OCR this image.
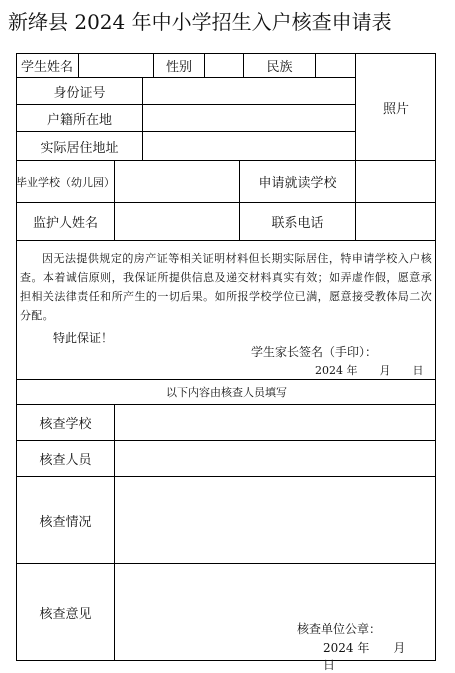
新绛县 2024 年中小学招生入户核查申请表
学生姓名	性别	民族
照片
身份证号
户籍所在地
实际居住地址
毕业学校（幼儿园）	申请就读学校
监护人姓名	联系电话
因无法提供规定的房产证等相关证明材料但长期实际居住，特申请学校入户核查。本着诚信原则，我保证所提供信息及递交材料真实有效；如弄虚作假，愿意承担相关法律责任和所产生的一切后果。如所报学校学位已满，愿意接受教体局二次分配。
特此保证！
学生家长签名（手印）：
2024 年　　月　　日
以下内容由核查人员填写
核查学校
核查人员
核查情况
核查意见
核查单位公章：
2024 年　　月　　日
